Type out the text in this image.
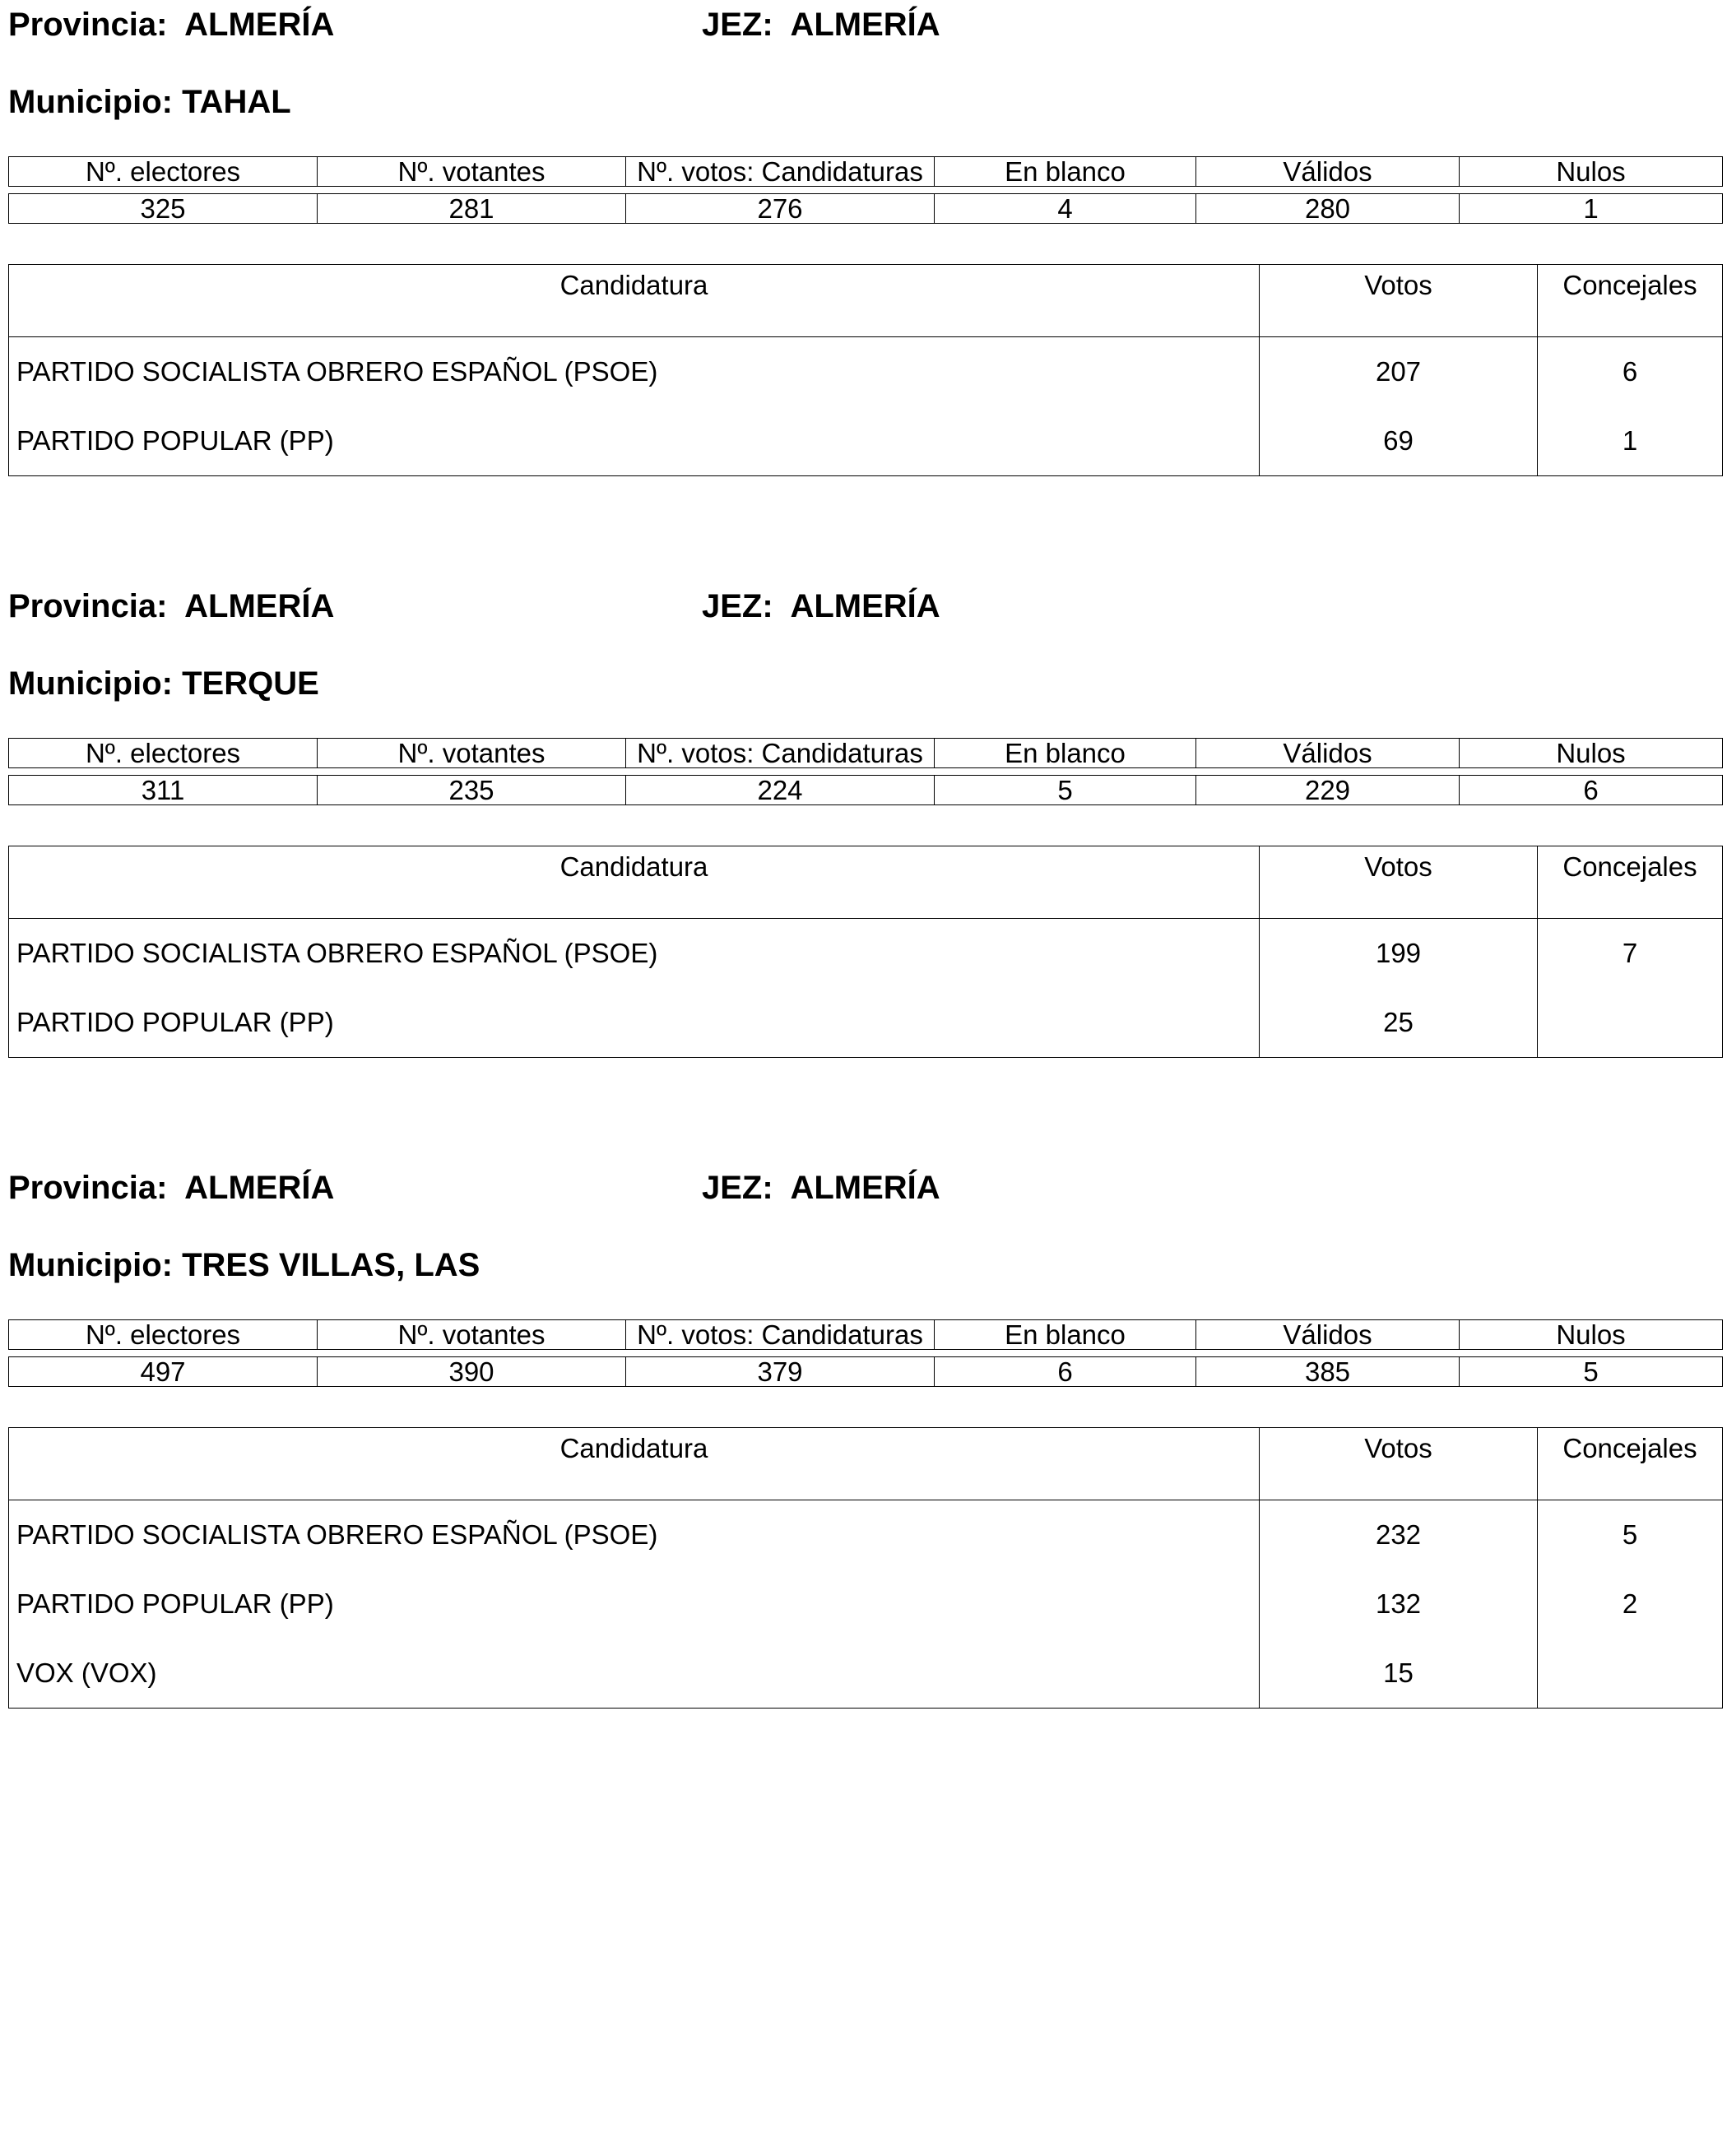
Provincia: ALMERÍA	JEZ: ALMERÍA
Municipio: TAHAL
Nº. electores	Nº. votantes	Nº. votos: Candidaturas	En blanco	Válidos	Nulos

325	281	276	4	280	1
Candidatura	Votos	Concejales
PARTIDO SOCIALISTA OBRERO ESPAÑOL (PSOE)	207	6
PARTIDO POPULAR (PP)	69	1
Provincia: ALMERÍA	JEZ: ALMERÍA
Municipio: TERQUE
Nº. electores	Nº. votantes	Nº. votos: Candidaturas	En blanco	Válidos	Nulos

311	235	224	5	229	6
Candidatura	Votos	Concejales
PARTIDO SOCIALISTA OBRERO ESPAÑOL (PSOE)	199	7
PARTIDO POPULAR (PP)	25	
Provincia: ALMERÍA	JEZ: ALMERÍA
Municipio: TRES VILLAS, LAS
Nº. electores	Nº. votantes	Nº. votos: Candidaturas	En blanco	Válidos	Nulos

497	390	379	6	385	5
Candidatura	Votos	Concejales
PARTIDO SOCIALISTA OBRERO ESPAÑOL (PSOE)	232	5
PARTIDO POPULAR (PP)	132	2
VOX (VOX)	15	
